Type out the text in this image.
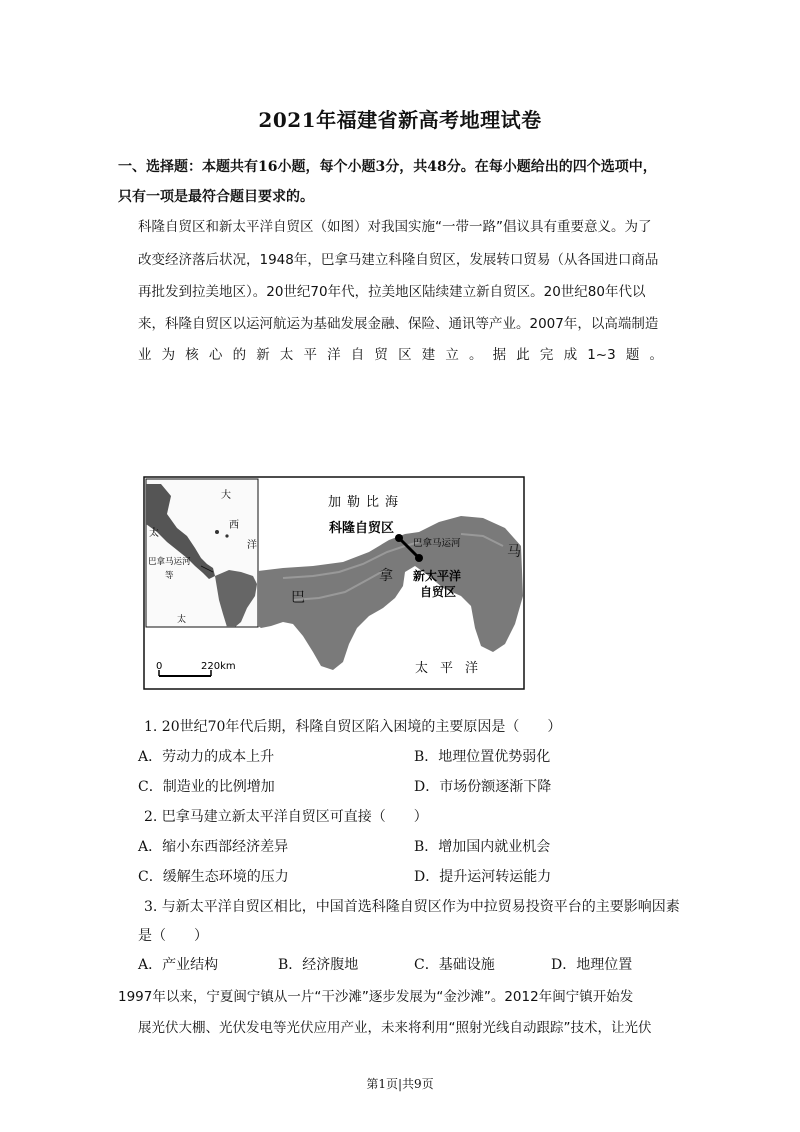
2021年福建省新高考地理试卷
一、选择题：本题共有16小题，每个小题3分，共48分。在每小题给出的四个选项中，
只有一项是最符合题目要求的。
科隆自贸区和新太平洋自贸区（如图）对我国实施“一带一路”倡议具有重要意义。为了
改变经济落后状况，1948年，巴拿马建立科隆自贸区，发展转口贸易（从各国进口商品
再批发到拉美地区）。20世纪70年代，拉美地区陆续建立新自贸区。20世纪80年代以
来，科隆自贸区以运河航运为基础发展金融、保险、通讯等产业。2007年，以高端制造
业为核心的新太平洋自贸区建立。据此完成1~3题。
大
西
洋
太
巴拿马运河
等
太
加勒比海
科隆自贸区
巴拿马运河
新太平洋
自贸区
拿
巴
马
太平洋
0	220km
1. 20世纪70年代后期，科隆自贸区陷入困境的主要原因是（　　）
A．劳动力的成本上升	B．地理位置优势弱化
C．制造业的比例增加	D．市场份额逐渐下降
2. 巴拿马建立新太平洋自贸区可直接（　　）
A．缩小东西部经济差异	B．增加国内就业机会
C．缓解生态环境的压力	D．提升运河转运能力
3. 与新太平洋自贸区相比，中国首选科隆自贸区作为中拉贸易投资平台的主要影响因素
是（　　）
A．产业结构	B．经济腹地	C．基础设施	D．地理位置
1997年以来，宁夏闽宁镇从一片“干沙滩”逐步发展为“金沙滩”。2012年闽宁镇开始发
展光伏大棚、光伏发电等光伏应用产业，未来将利用“照射光线自动跟踪”技术，让光伏
第1页|共9页
